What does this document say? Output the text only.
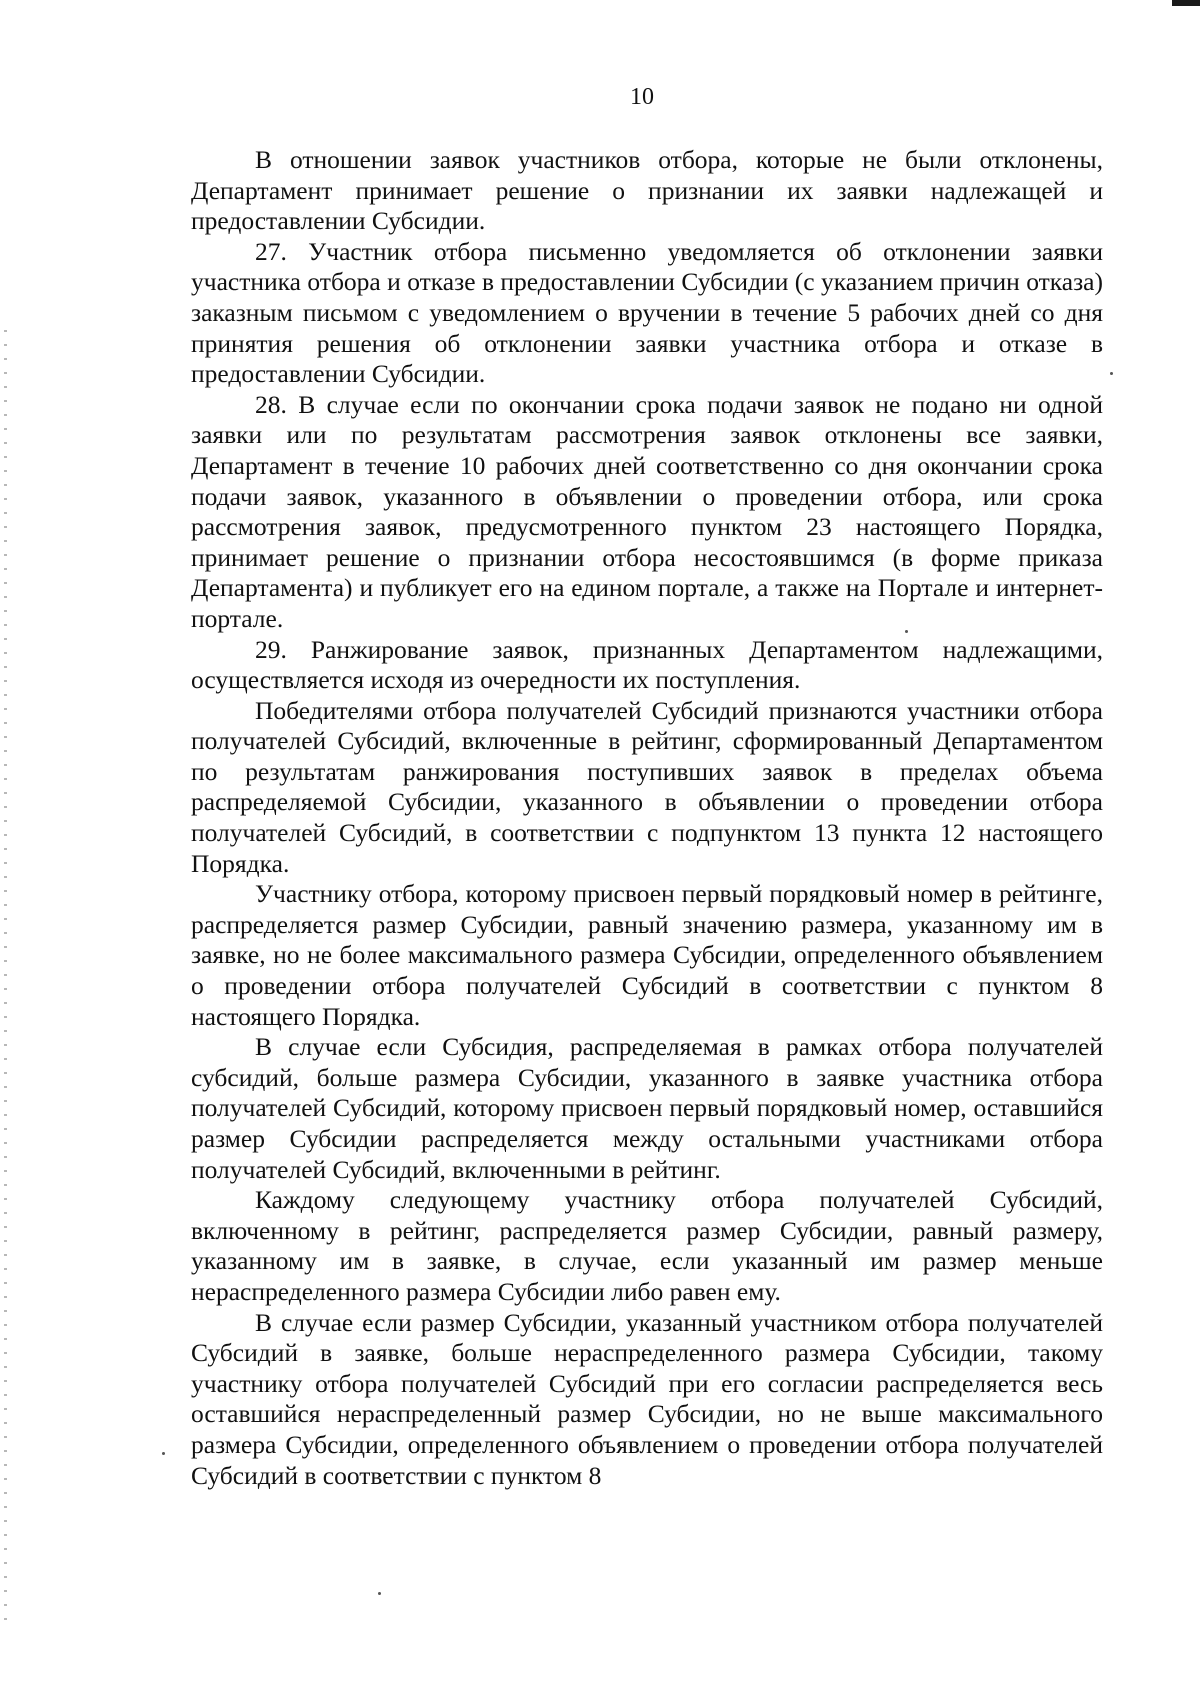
10

В отношении заявок участников отбора, которые не были отклонены, Департамент принимает решение о признании их заявки надлежащей и предоставлении Субсидии.

27. Участник отбора письменно уведомляется об отклонении заявки участника отбора и отказе в предоставлении Субсидии (с указанием причин отказа) заказным письмом с уведомлением о вручении в течение 5 рабочих дней со дня принятия решения об отклонении заявки участника отбора и отказе в предоставлении Субсидии.

28. В случае если по окончании срока подачи заявок не подано ни одной заявки или по результатам рассмотрения заявок отклонены все заявки, Департамент в течение 10 рабочих дней соответственно со дня окончании срока подачи заявок, указанного в объявлении о проведении отбора, или срока рассмотрения заявок, предусмотренного пунктом 23 настоящего Порядка, принимает решение о признании отбора несостоявшимся (в форме приказа Департамента) и публикует его на едином портале, а также на Портале и интернет-портале.

29. Ранжирование заявок, признанных Департаментом надлежащими, осуществляется исходя из очередности их поступления.

Победителями отбора получателей Субсидий признаются участники отбора получателей Субсидий, включенные в рейтинг, сформированный Департаментом по результатам ранжирования поступивших заявок в пределах объема распределяемой Субсидии, указанного в объявлении о проведении отбора получателей Субсидий, в соответствии с подпунктом 13 пункта 12 настоящего Порядка.

Участнику отбора, которому присвоен первый порядковый номер в рейтинге, распределяется размер Субсидии, равный значению размера, указанному им в заявке, но не более максимального размера Субсидии, определенного объявлением о проведении отбора получателей Субсидий в соответствии с пунктом 8 настоящего Порядка.

В случае если Субсидия, распределяемая в рамках отбора получателей субсидий, больше размера Субсидии, указанного в заявке участника отбора получателей Субсидий, которому присвоен первый порядковый номер, оставшийся размер Субсидии распределяется между остальными участниками отбора получателей Субсидий, включенными в рейтинг.

Каждому следующему участнику отбора получателей Субсидий, включенному в рейтинг, распределяется размер Субсидии, равный размеру, указанному им в заявке, в случае, если указанный им размер меньше нераспределенного размера Субсидии либо равен ему.

В случае если размер Субсидии, указанный участником отбора получателей Субсидий в заявке, больше нераспределенного размера Субсидии, такому участнику отбора получателей Субсидий при его согласии распределяется весь оставшийся нераспределенный размер Субсидии, но не выше максимального размера Субсидии, определенного объявлением о проведении отбора получателей Субсидий в соответствии с пунктом 8
